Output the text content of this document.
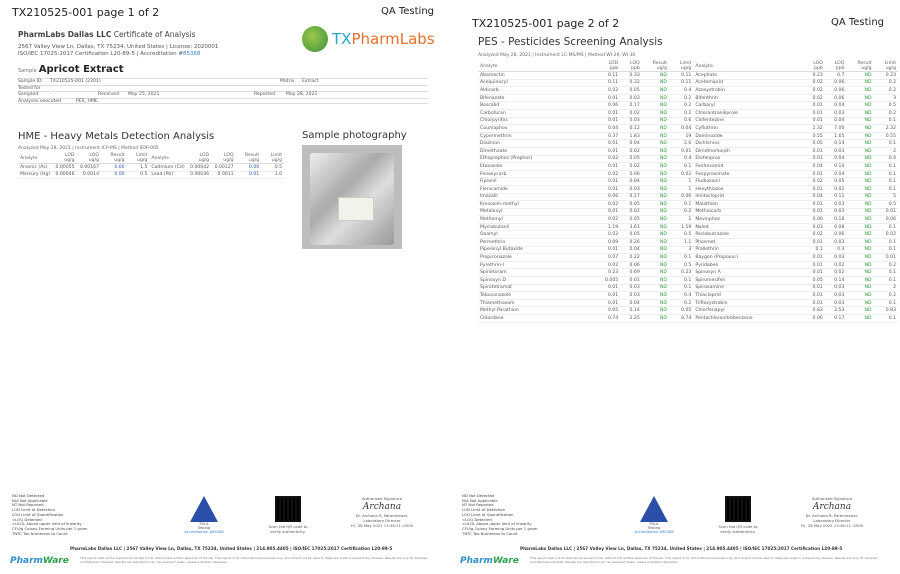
TX210525-001 page 1 of 2	QA Testing
PharmLabs Dallas LLC Certificate of Analysis
2567 Valley View Ln, Dallas, TX 75234, United States | License: 2020001
ISO/IEC 17025:2017 Certification L20-89-5 | Accreditation #85368
TXPharmLabs
Sample Apricot Extract
Sample ID TX210525-001 (2201)	Matrix Extract
Tested for
Sampled	-	Received May 25, 2021	Reported May 28, 2021
Analyses executed	PES, HME
HME - Heavy Metals Detection Analysis
Analyzed May 28, 2021 | Instrument ICP-MS | Method SOP-005
Analyte	LOD ug/g	LOQ ug/g	Result ug/g	Limit ug/g	Analyte	LOD ug/g	LOQ ug/g	Result ug/g	Limit ug/g
Arsenic (As)	0.00055	0.00167	0.00	1.5	Cadmium (Cd)	0.00042	0.00127	0.00	0.5
Mercury (Hg)	0.00046	0.0014	0.00	0.5	Lead (Pb)	0.00036	0.0011	0.01	1.0
Sample photography
TX210525-001 page 2 of 2	QA Testing
PES - Pesticides Screening Analysis
Analyzed May 28, 2021 | Instrument LC-MS/MS | Method WI-29, WI-30
Analyte	LOD ppb	LOQ ppb	Result ug/g	Limit ug/g	Analyte	LOD ppb	LOQ ppb	Result ug/g	Limit ug/g
Abamectin	0.11	0.33	ND	0.11	Acephate	0.23	0.7	ND	0.23
Acequinocyl	0.11	0.32	ND	0.11	Acetamiprid	0.02	0.06	ND	0.2
Aldicarb	0.02	0.05	ND	0.4	Azoxystrobin	0.02	0.06	ND	0.2
Bifenazate	0.01	0.03	ND	0.2	Bifenthrin	0.02	0.06	ND	3
Boscalid	0.06	0.17	ND	0.2	Carbaryl	0.01	0.04	ND	0.5
Carbofuran	0.01	0.02	ND	0.2	Chlorantraniliprole	0.01	0.03	ND	0.2
Chlorpyrifos	0.01	0.03	ND	0.6	Clofentezine	0.01	0.04	ND	0.1
Coumaphos	0.04	0.12	ND	0.04	Cyfluthrin	2.32	7.00	ND	2.32
Cypermethrin	0.37	1.83	ND	19	Daminozide	0.55	1.65	ND	0.55
Diazinon	0.01	0.04	ND	2.6	Dichlorvos	0.05	0.14	ND	0.1
Dimethoate	0.01	0.02	ND	0.01	Dimethomorph	0.01	0.03	ND	2
Ethoprophos (Prophos)	0.02	0.05	ND	0.4	Etofenprox	0.01	0.04	ND	0.4
Etoxazole	0.01	0.02	ND	0.1	Fenhexamid	0.04	0.14	ND	0.1
Fenoxycarb	0.02	0.06	ND	0.02	Fenpyroximate	0.01	0.04	ND	0.1
Fipronil	0.01	0.04	ND	1	Fludioxonil	0.02	0.05	ND	0.1
Flonicamide	0.01	0.03	ND	1	Hexythiazox	0.01	0.02	ND	0.1
Imazalil	0.06	0.17	ND	0.06	Imidacloprid	0.04	0.11	ND	5
Kresoxim-methyl	0.02	0.05	ND	0.1	Malathion	0.01	0.03	ND	0.5
Metalaxyl	0.01	0.02	ND	0.2	Methiocarb	0.01	0.03	ND	0.01
Methomyl	0.02	0.05	ND	1	Mevinphos	0.06	0.18	ND	0.06
Myclobutanil	1.19	3.61	ND	1.19	Naled	0.03	0.08	ND	0.1
Oxamyl	0.02	0.05	ND	0.5	Paclobutrazole	0.02	0.06	ND	0.02
Permethrin	0.09	0.26	ND	1.1	Phosmet	0.01	0.03	ND	0.1
Piperonyl Butoxide	0.01	0.04	ND	3	Prallethrin	0.1	0.3	ND	0.1
Propiconazole	0.07	0.22	ND	0.1	Baygon (Propoxur)	0.01	0.03	ND	0.01
Pyrethrin-I	0.02	0.06	ND	0.5	Pyridaben	0.01	0.02	ND	0.2
Spinetoram	0.23	0.69	ND	0.23	Spinosyn A	0.01	0.02	ND	0.1
Spinosyn D	0.005	0.01	ND	0.1	Spiromesifen	0.05	0.14	ND	0.1
Spirotetramat	0.01	0.03	ND	0.1	Spiroxamine	0.01	0.03	ND	2
Tebuconazole	0.01	0.03	ND	0.4	Thiacloprid	0.01	0.03	ND	0.2
Thiamethoxam	0.01	0.04	ND	0.2	Trifloxystrobin	0.01	0.03	ND	0.1
Methyl Parathion	0.05	0.14	ND	0.05	Chlorfenapyr	0.83	2.53	ND	0.83
Chlordane	0.74	2.25	ND	0.74	Pentachloronitrobenzene	0.06	0.17	ND	0.1
ND Not Detected
N/A Not Applicable
NT Not Reported
LOD Limit of Detection
LOQ Limit of Quantification
<LOQ Detected
>ULOL Above upper limit of linearity
CFU/g Colony Forming Units per 1 gram
TNTC Too Numerous to Count
P.N.A
Testing
Accreditation #85368
Scan the QR code to verify authenticity.
Authorized Signature
Archana
Dr. Archana R. Parameswar,
Laboratory Director
Fri, 28 May 2021 13:48:11 -0500
PharmLabs Dallas LLC | 2567 Valley View Ln, Dallas, TX 75234, United States | 214.905.4405 | ISO/IEC 17025:2017 Certification L20-89-5
PharmWare	This report shall not be reproduced except in full, without the written approval of the lab. This report is for informational purposes only, and should not be used to diagnose, treat or prevent any disease. Results are only for samples and batches indicated. Results are reported on an "as received" basis, unless indicated otherwise.
ND Not Detected
N/A Not Applicable
NT Not Reported
LOD Limit of Detection
LOQ Limit of Quantification
<LOQ Detected
>ULOL Above upper limit of linearity
CFU/g Colony Forming Units per 1 gram
TNTC Too Numerous to Count
P.N.A
Testing
Accreditation #85368
Scan the QR code to verify authenticity.
Authorized Signature
Archana
Dr. Archana R. Parameswar,
Laboratory Director
Fri, 28 May 2021 13:48:11 -0500
PharmLabs Dallas LLC | 2567 Valley View Ln, Dallas, TX 75234, United States | 214.905.4405 | ISO/IEC 17025:2017 Certification L20-89-5
PharmWare	This report shall not be reproduced except in full, without the written approval of the lab. This report is for informational purposes only, and should not be used to diagnose, treat or prevent any disease. Results are only for samples and batches indicated. Results are reported on an "as received" basis, unless indicated otherwise.
